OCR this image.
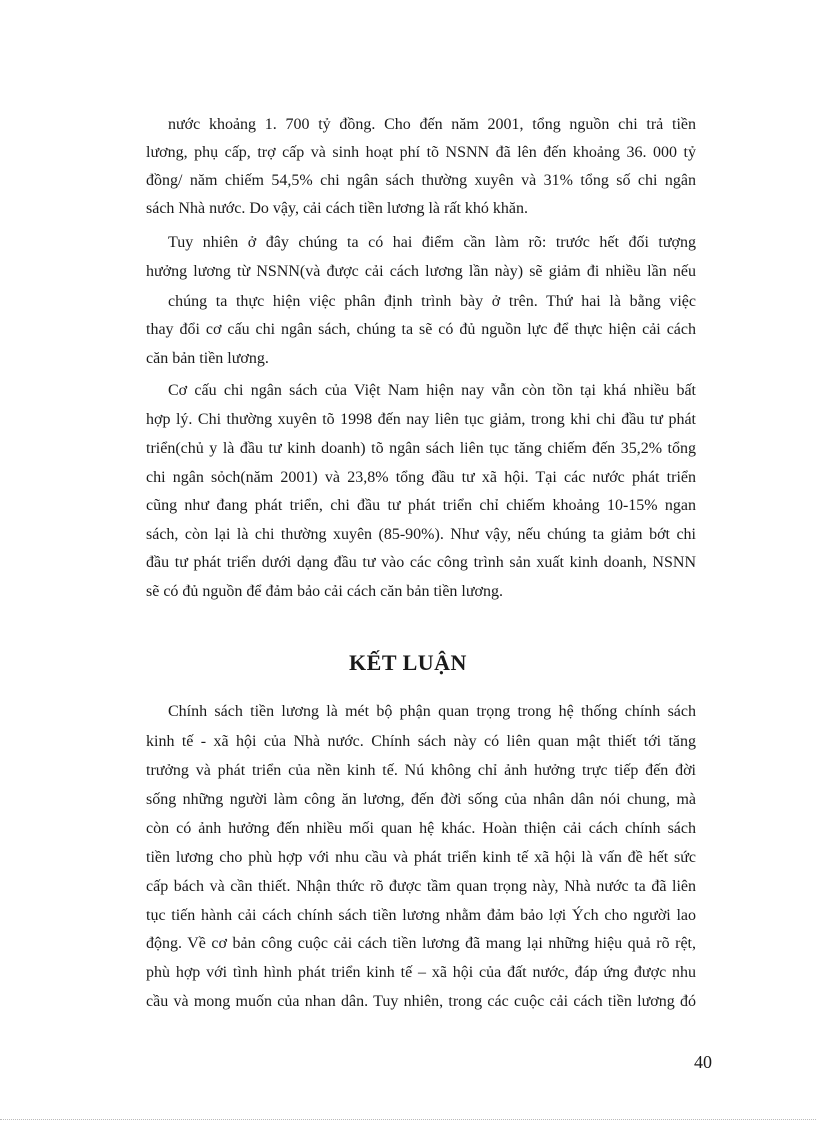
nước khoảng 1. 700 tỷ đồng. Cho đến năm 2001, tổng nguồn chi trả tiền
lương, phụ cấp, trợ cấp và sinh hoạt phí tõ NSNN đã lên đến khoảng 36. 000 tỷ
đồng/ năm chiếm 54,5% chi ngân sách thường xuyên và 31% tổng số chi ngân
sách Nhà nước. Do vậy, cải cách tiền lương là rất khó khăn.
Tuy nhiên ở đây chúng ta có hai điểm cần làm rõ: trước hết đối tượng
hưởng lương từ NSNN(và được cải cách lương lần này) sẽ giảm đi nhiều lần nếu
chúng ta thực hiện việc phân định trình bày ở trên. Thứ hai là bằng việc
thay đổi cơ cấu chi ngân sách, chúng ta sẽ có đủ nguồn lực để thực hiện cải cách
căn bản tiền lương.
Cơ cấu chi ngân sách của Việt Nam hiện nay vẫn còn tồn tại khá nhiều bất
hợp lý. Chi thường xuyên tõ 1998 đến nay liên tục giảm, trong khi chi đầu tư phát
triển(chủ y là đầu tư kinh doanh) tõ ngân sách liên tục tăng chiếm đến 35,2% tổng
chi ngân sỏch(năm 2001) và 23,8% tổng đầu tư xã hội. Tại các nước phát triển
cũng như đang phát triển, chi đầu tư phát triển chỉ chiếm khoảng 10-15% ngan
sách, còn lại là chi thường xuyên (85-90%). Như vậy, nếu chúng ta giảm bớt chi
đầu tư phát triển dưới dạng đầu tư vào các công trình sản xuất kinh doanh, NSNN
sẽ có đủ nguồn để đảm bảo cải cách căn bản tiền lương.
KẾT LUẬN
Chính sách tiền lương là mét bộ phận quan trọng trong hệ thống chính sách
kinh tế - xã hội của Nhà nước. Chính sách này có liên quan mật thiết tới tăng
trưởng và phát triển của nền kinh tế. Nú không chỉ ảnh hưởng trực tiếp đến đời
sống những người làm công ăn lương, đến đời sống của nhân dân nói chung, mà
còn có ảnh hưởng đến nhiều mối quan hệ khác. Hoàn thiện cải cách chính sách
tiền lương cho phù hợp với nhu cầu và phát triển kinh tế xã hội là vấn đề hết sức
cấp bách và cần thiết. Nhận thức rõ được tầm quan trọng này, Nhà nước ta đã liên
tục tiến hành cải cách chính sách tiền lương nhằm đảm bảo lợi Ých cho người lao
động. Về cơ bản công cuộc cải cách tiền lương đã mang lại những hiệu quả rõ rệt,
phù hợp với tình hình phát triển kinh tế – xã hội của đất nước, đáp ứng được nhu
cầu và mong muốn của nhan dân. Tuy nhiên, trong các cuộc cải cách tiền lương đó
40
